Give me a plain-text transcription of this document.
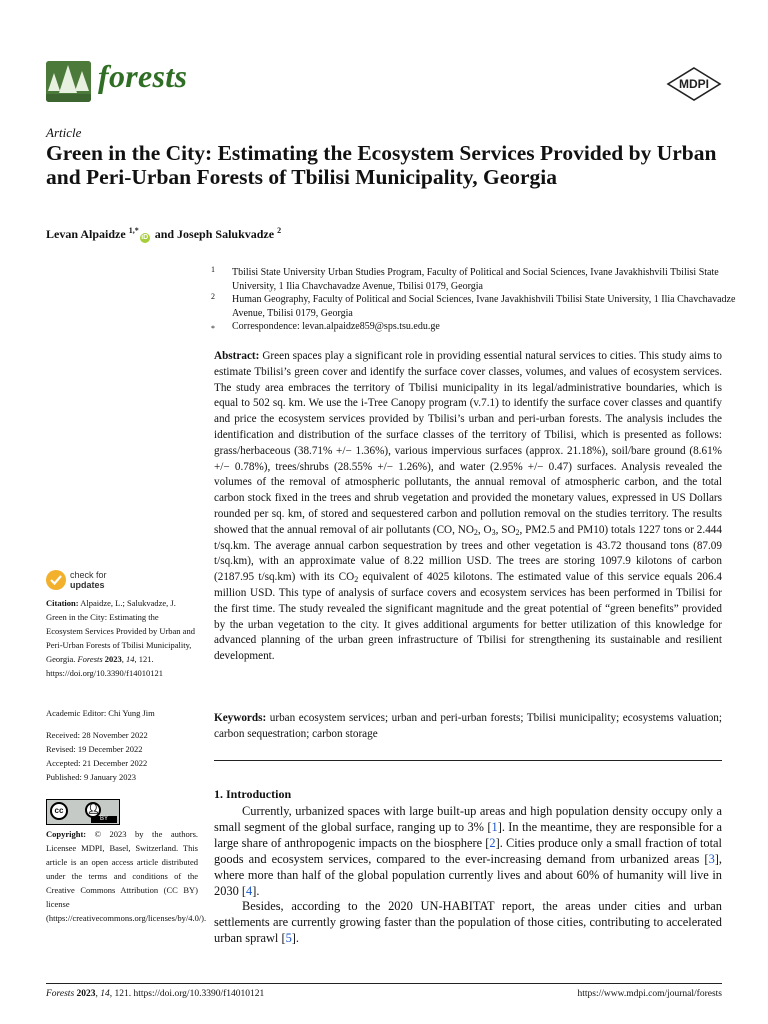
forests	MDPI
Article
Green in the City: Estimating the Ecosystem Services Provided by Urban and Peri-Urban Forests of Tbilisi Municipality, Georgia
Levan Alpaidze $^{1,*}$iD and Joseph Salukvadze $^2$
1 Tbilisi State University Urban Studies Program, Faculty of Political and Social Sciences, Ivane Javakhishvili Tbilisi State University, 1 Ilia Chavchavadze Avenue, Tbilisi 0179, Georgia
2 Human Geography, Faculty of Political and Social Sciences, Ivane Javakhishvili Tbilisi State University, 1 Ilia Chavchavadze Avenue, Tbilisi 0179, Georgia
* Correspondence: levan.alpaidze859@sps.tsu.edu.ge
Abstract: Green spaces play a significant role in providing essential natural services to cities. This study aims to estimate Tbilisi’s green cover and identify the surface cover classes, volumes, and values of ecosystem services. The study area embraces the territory of Tbilisi municipality in its legal/administrative boundaries, which is equal to 502 sq. km. We use the i-Tree Canopy program (v.7.1) to identify the surface cover classes and quantify and price the ecosystem services provided by Tbilisi’s urban and peri-urban forests. The analysis includes the identification and distribution of the surface classes of the territory of Tbilisi, which is presented as follows: grass/herbaceous (38.71% +/− 1.36%), various impervious surfaces (approx. 21.18%), soil/bare ground (8.61% +/− 0.78%), trees/shrubs (28.55% +/− 1.26%), and water (2.95% +/− 0.47) surfaces. Analysis revealed the volumes of the removal of atmospheric pollutants, the annual removal of atmospheric carbon, and the total carbon stock fixed in the trees and shrub vegetation and provided the monetary values, expressed in US Dollars rounded per sq. km, of stored and sequestered carbon and pollution removal on the studies territory. The results showed that the annual removal of air pollutants (CO, $NO_2$, $O_3$, $SO_2$, PM2.5 and PM10) totals 1227 tons or 2.444 t/sq.km. The average annual carbon sequestration by trees and other vegetation is 43.72 thousand tons (87.09 t/sq.km), with an approximate value of 8.22 million USD. The trees are storing 1097.9 kilotons of carbon (2187.95 t/sq.km) with its $CO_2$ equivalent of 4025 kilotons. The estimated value of this service equals 206.4 million USD. This type of analysis of surface covers and ecosystem services has been performed in Tbilisi for the first time. The study revealed the significant magnitude and the great potential of “green benefits” provided by the urban vegetation to the city. It gives additional arguments for better utilization of this knowledge for advanced planning of the urban green infrastructure of Tbilisi for strengthening its sustainable and resilient development.
Keywords: urban ecosystem services; urban and peri-urban forests; Tbilisi municipality; ecosystems valuation; carbon sequestration; carbon storage
1. Introduction

Currently, urbanized spaces with large built-up areas and high population density occupy only a small segment of the global surface, ranging up to 3% [1]. In the meantime, they are responsible for a large share of anthropogenic impacts on the biosphere [2]. Cities produce only a small fraction of total goods and ecosystem services, compared to the ever-increasing demand from urbanized areas [3], where more than half of the global population currently lives and about 60% of humanity will live in 2030 [4].

Besides, according to the 2020 UN-HABITAT report, the areas under cities and urban settlements are currently growing faster than the population of those cities, contributing to accelerated urban sprawl [5].

check for
updates
Citation: Alpaidze, L.; Salukvadze, J. Green in the City: Estimating the Ecosystem Services Provided by Urban and Peri-Urban Forests of Tbilisi Municipality, Georgia. Forests 2023, 14, 121. https://doi.org/10.3390/f14010121
Academic Editor: Chi Yung Jim
Received: 28 November 2022
Revised: 19 December 2022
Accepted: 21 December 2022
Published: 9 January 2023
cc	👤︎
BY
Copyright: © 2023 by the authors. Licensee MDPI, Basel, Switzerland. This article is an open access article distributed under the terms and conditions of the Creative Commons Attribution (CC BY) license (https://creativecommons.org/licenses/by/4.0/).
Forests 2023, 14, 121. https://doi.org/10.3390/f14010121	https://www.mdpi.com/journal/forests
